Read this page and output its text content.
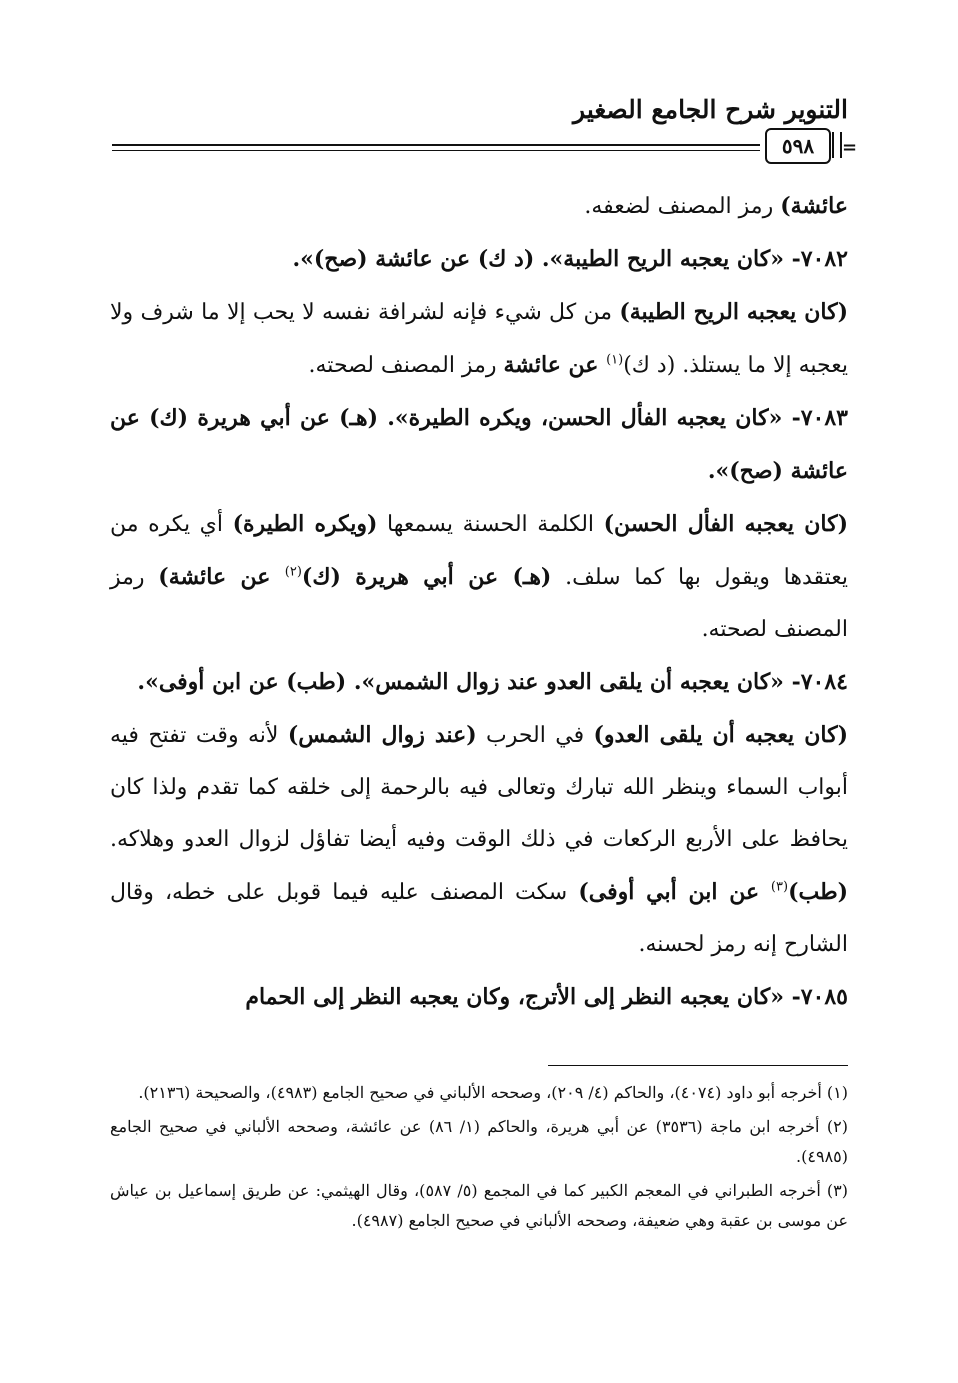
التنوير شرح الجامع الصغير
٥٩٨	=

عائشة) رمز المصنف لضعفه.

٧٠٨٢- «كان يعجبه الريح الطيبة». (د ك) عن عائشة (صح)».

(كان يعجبه الريح الطيبة) من كل شيء فإنه لشرافة نفسه لا يحب إلا ما شرف ولا يعجبه إلا ما يستلذ. (د ك)$^{(١)}$ عن عائشة رمز المصنف لصحته.

٧٠٨٣- «كان يعجبه الفأل الحسن، ويكره الطيرة». (هـ) عن أبي هريرة (ك) عن عائشة (صح)».

(كان يعجبه الفأل الحسن) الكلمة الحسنة يسمعها (ويكره الطيرة) أي يكره من يعتقدها ويقول بها كما سلف. (هـ) عن أبي هريرة (ك)$^{(٢)}$ عن عائشة) رمز المصنف لصحته.

٧٠٨٤- «كان يعجبه أن يلقى العدو عند زوال الشمس». (طب) عن ابن أوفى».

(كان يعجبه أن يلقى العدو) في الحرب (عند زوال الشمس) لأنه وقت تفتح فيه أبواب السماء وينظر الله تبارك وتعالى فيه بالرحمة إلى خلقه كما تقدم ولذا كان يحافظ على الأربع الركعات في ذلك الوقت وفيه أيضا تفاؤل لزوال العدو وهلاكه. (طب)$^{(٣)}$ عن ابن أبي أوفى) سكت المصنف عليه فيما قوبل على خطه، وقال الشارح إنه رمز لحسنه.

٧٠٨٥- «كان يعجبه النظر إلى الأترج، وكان يعجبه النظر إلى الحمام

(١) أخرجه أبو داود (٤٠٧٤)، والحاكم (٤/ ٢٠٩)، وصححه الألباني في صحيح الجامع (٤٩٨٣)، والصحيحة (٢١٣٦).

(٢) أخرجه ابن ماجة (٣٥٣٦) عن أبي هريرة، والحاكم (١/ ٨٦) عن عائشة، وصححه الألباني في صحيح الجامع (٤٩٨٥).

(٣) أخرجه الطبراني في المعجم الكبير كما في المجمع (٥/ ٥٨٧)، وقال الهيثمي: عن طريق إسماعيل بن عياش عن موسى بن عقبة وهي ضعيفة، وصححه الألباني في صحيح الجامع (٤٩٨٧).
